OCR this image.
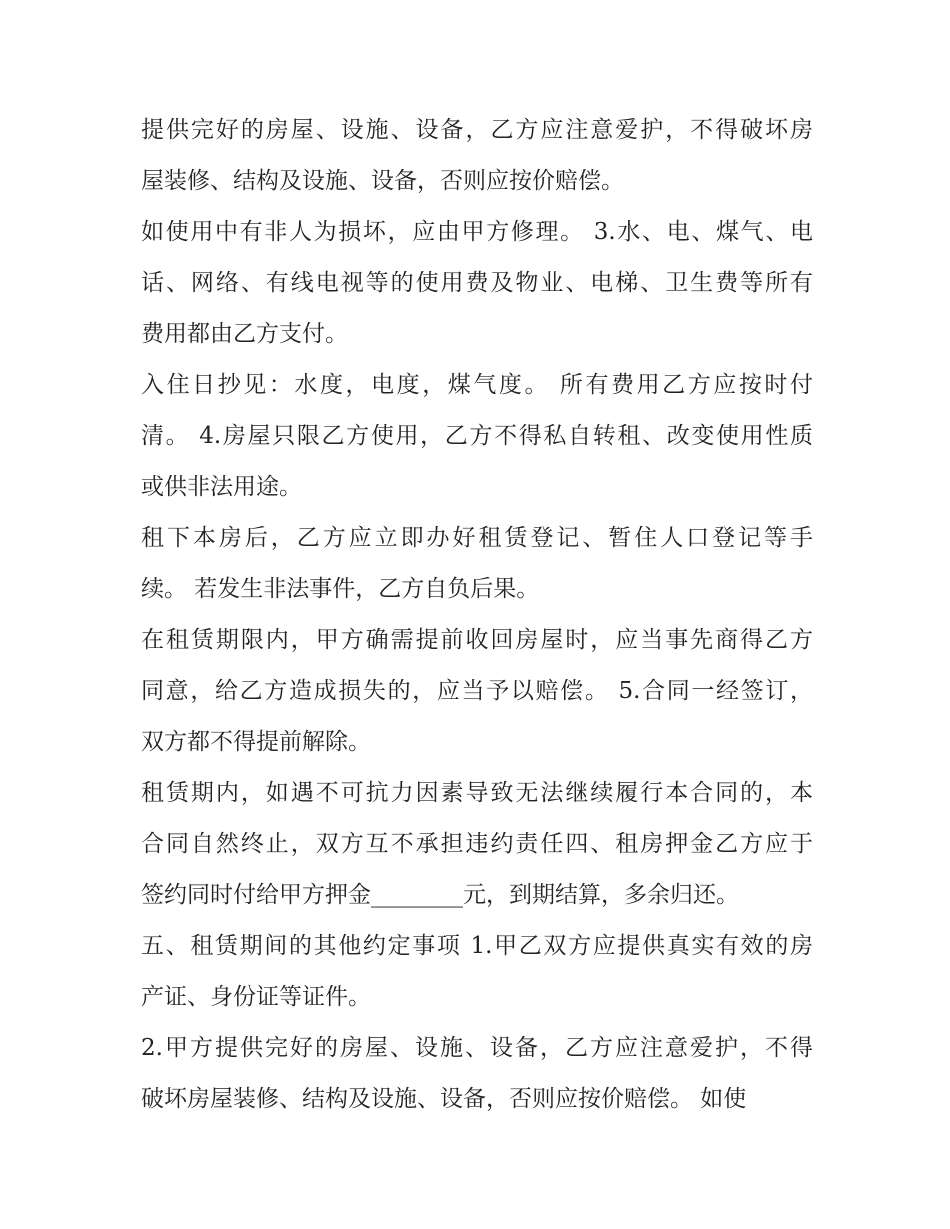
提供完好的房屋、设施、设备，乙方应注意爱护，不得破坏房
屋装修、结构及设施、设备，否则应按价赔偿。
如使用中有非人为损坏，应由甲方修理。 3.水、电、煤气、电
话、网络、有线电视等的使用费及物业、电梯、卫生费等所有
费用都由乙方支付。
入住日抄见：水度，电度，煤气度。 所有费用乙方应按时付
清。 4.房屋只限乙方使用，乙方不得私自转租、改变使用性质
或供非法用途。
租下本房后，乙方应立即办好租赁登记、暂住人口登记等手
续。 若发生非法事件，乙方自负后果。
在租赁期限内，甲方确需提前收回房屋时，应当事先商得乙方
同意，给乙方造成损失的，应当予以赔偿。 5.合同一经签订，
双方都不得提前解除。
租赁期内，如遇不可抗力因素导致无法继续履行本合同的，本
合同自然终止，双方互不承担违约责任四、租房押金乙方应于
签约同时付给甲方押金________元，到期结算，多余归还。
五、租赁期间的其他约定事项 1.甲乙双方应提供真实有效的房
产证、身份证等证件。
2.甲方提供完好的房屋、设施、设备，乙方应注意爱护，不得
破坏房屋装修、结构及设施、设备，否则应按价赔偿。 如使
